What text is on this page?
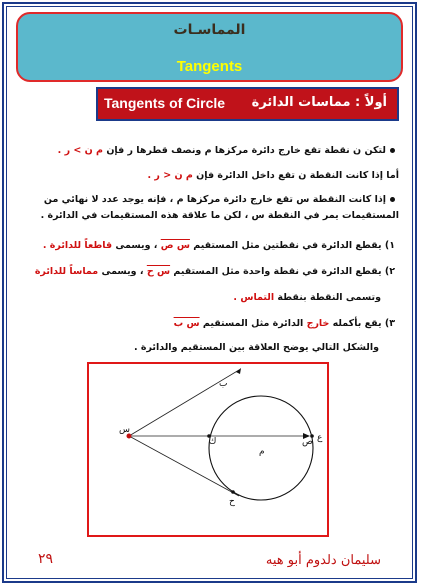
المماسـات
Tangents
Tangents of Circle أولاً : مماسات الدائرة
لتكن ن نقطة تقع خارج دائرة مركزها م ونصف قطرها ر فإن م ن > ر .
أما إذا كانت النقطة ن تقع داخل الدائرة فإن م ن < ر .
إذا كانت النقطة س تقع خارج دائرة مركزها م ، فإنه يوجد عدد لا نهائي من
المستقيمات يمر في النقطة س ، لكن ما علاقة هذه المستقيمات في الدائرة .
١) يقطع الدائرة في نقطتين مثل المستقيم س ص ، ويسمى قاطعاً للدائرة .
٢) يقطع الدائرة في نقطة واحدة مثل المستقيم س ح ، ويسمى مماساً للدائرة
وتسمى النقطة بنقطة التماس .
٣) يقع بأكمله خارج الدائرة مثل المستقيم س ب
والشكل التالي يوضح العلاقة بين المستقيم والدائرة .
س
م
ك	ص ع
ب
ح
سليمان دلدوم أبو هيه
٢٩
